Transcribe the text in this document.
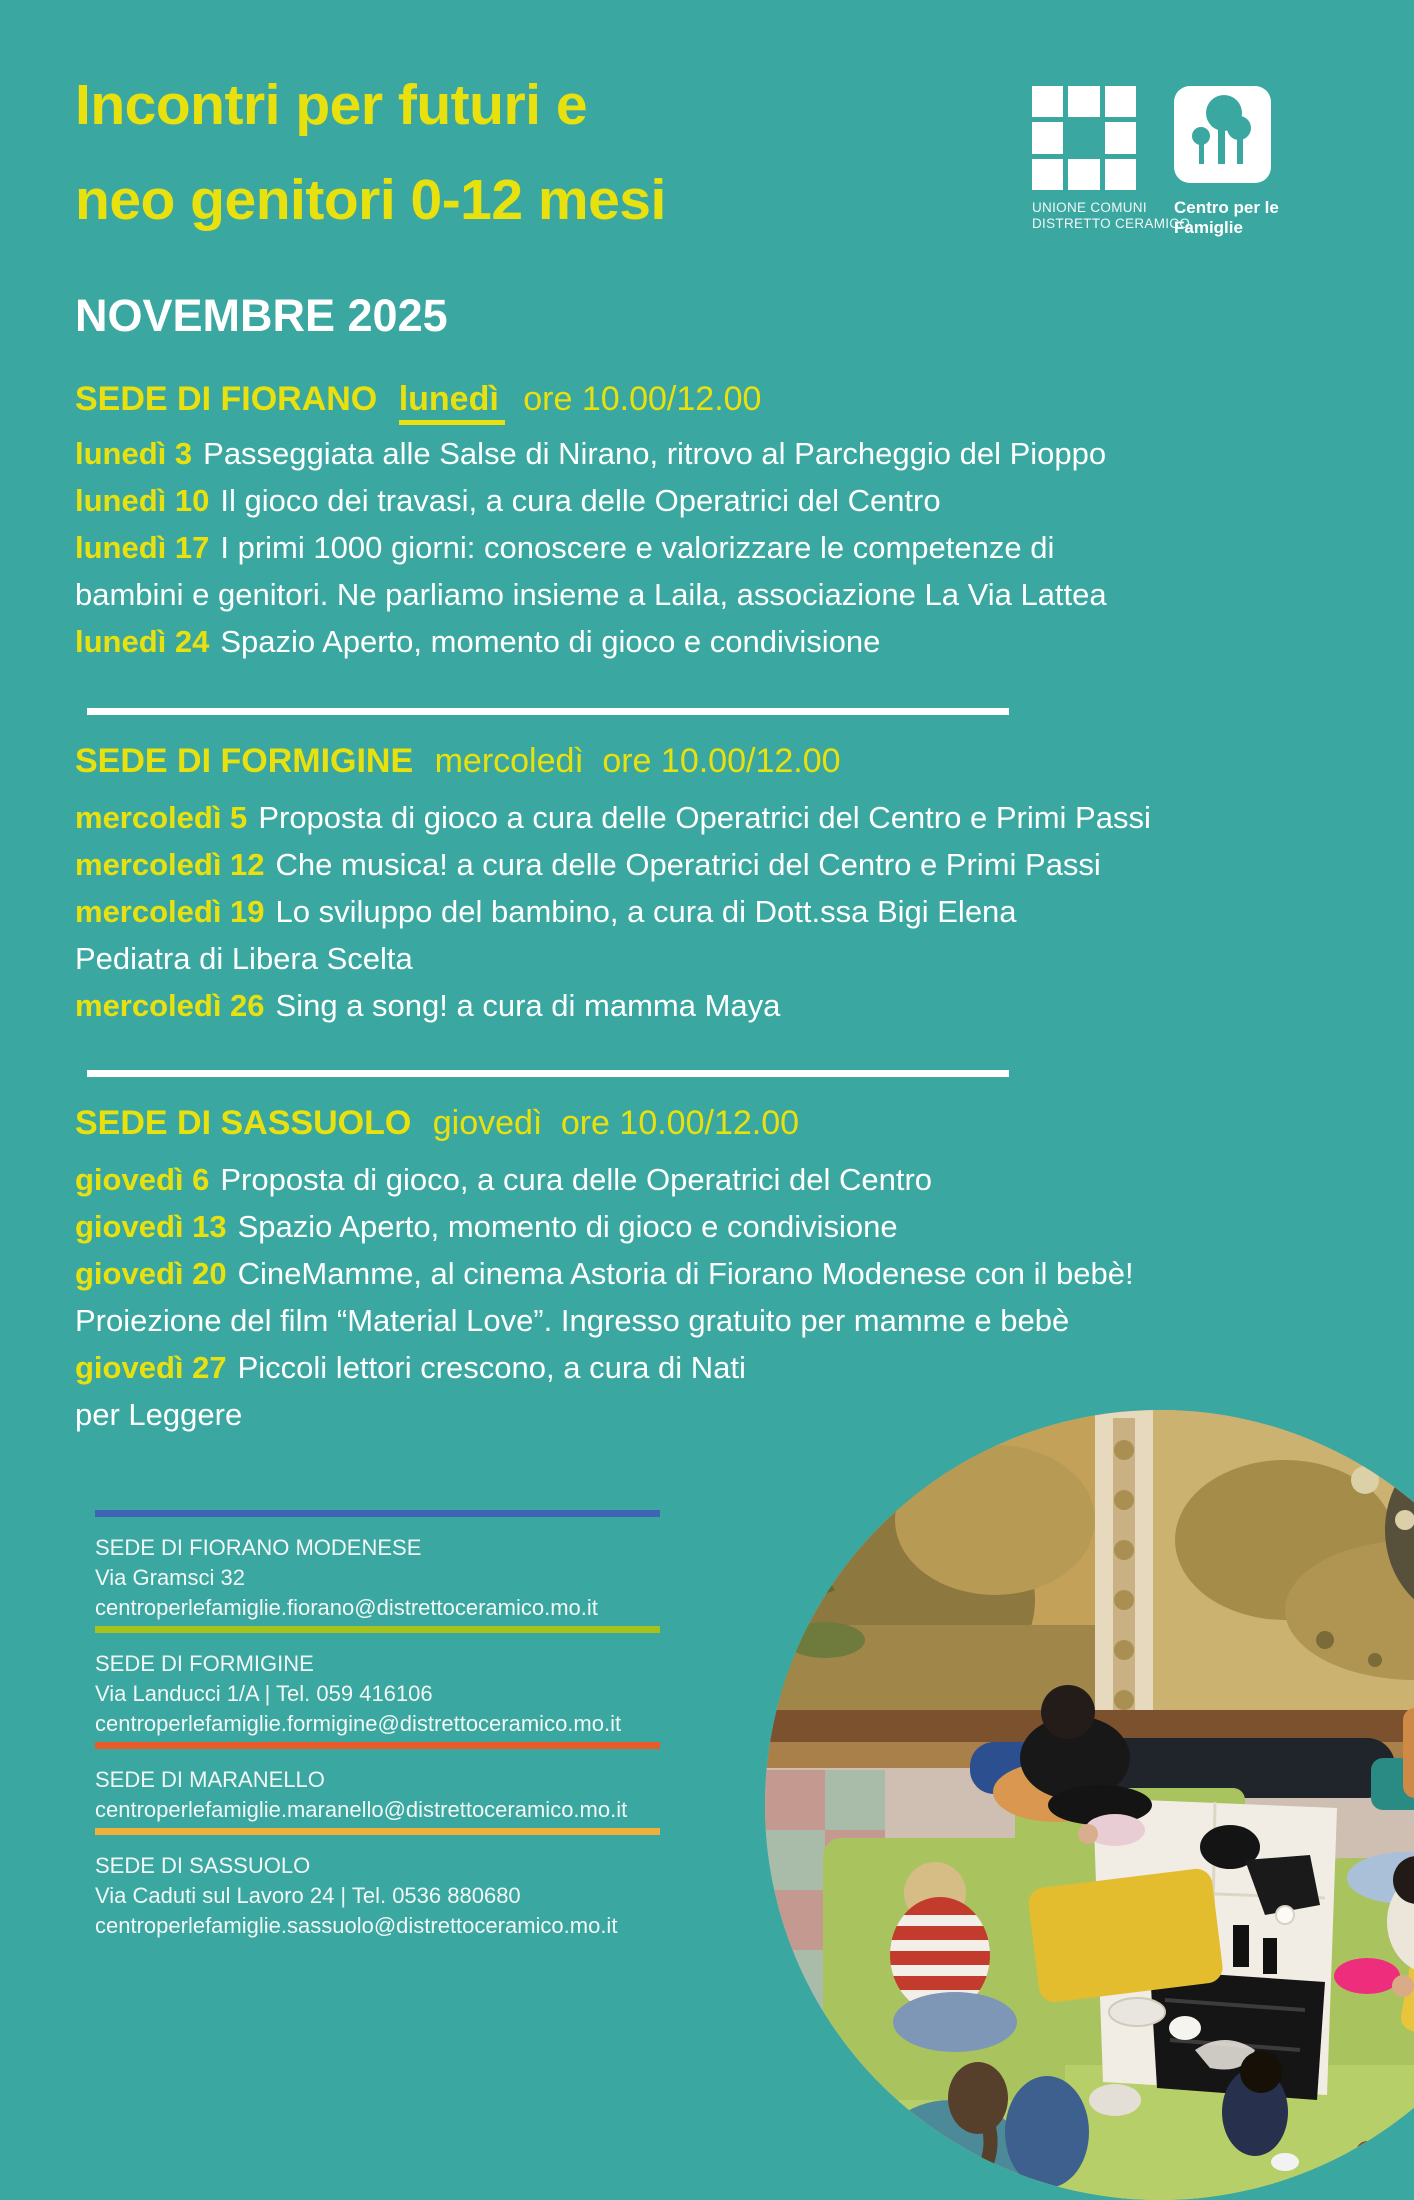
Incontri per futuri e
neo genitori 0-12 mesi	UNIONE COMUNI
DISTRETTO CERAMICO
Centro per le
Famiglie
NOVEMBRE 2025
SEDE DI FIORANO lunedì ore 10.00/12.00
lunedì 3 Passeggiata alle Salse di Nirano, ritrovo al Parcheggio del Pioppo
lunedì 10 Il gioco dei travasi, a cura delle Operatrici del Centro
lunedì 17 I primi 1000 giorni: conoscere e valorizzare le competenze di
bambini e genitori. Ne parliamo insieme a Laila, associazione La Via Lattea
lunedì 24 Spazio Aperto, momento di gioco e condivisione
SEDE DI FORMIGINE mercoledì ore 10.00/12.00
mercoledì 5 Proposta di gioco a cura delle Operatrici del Centro e Primi Passi
mercoledì 12 Che musica! a cura delle Operatrici del Centro e Primi Passi
mercoledì 19 Lo sviluppo del bambino, a cura di Dott.ssa Bigi Elena
Pediatra di Libera Scelta
mercoledì 26 Sing a song! a cura di mamma Maya
SEDE DI SASSUOLO giovedì ore 10.00/12.00
giovedì 6 Proposta di gioco, a cura delle Operatrici del Centro
giovedì 13 Spazio Aperto, momento di gioco e condivisione
giovedì 20 CineMamme, al cinema Astoria di Fiorano Modenese con il bebè!
Proiezione del film “Material Love”. Ingresso gratuito per mamme e bebè
giovedì 27 Piccoli lettori crescono, a cura di Nati
per Leggere
SEDE DI FIORANO MODENESE
Via Gramsci 32
centroperlefamiglie.fiorano@distrettoceramico.mo.it
SEDE DI FORMIGINE
Via Landucci 1/A | Tel. 059 416106
centroperlefamiglie.formigine@distrettoceramico.mo.it
SEDE DI MARANELLO
centroperlefamiglie.maranello@distrettoceramico.mo.it
SEDE DI SASSUOLO
Via Caduti sul Lavoro 24 | Tel. 0536 880680
centroperlefamiglie.sassuolo@distrettoceramico.mo.it
